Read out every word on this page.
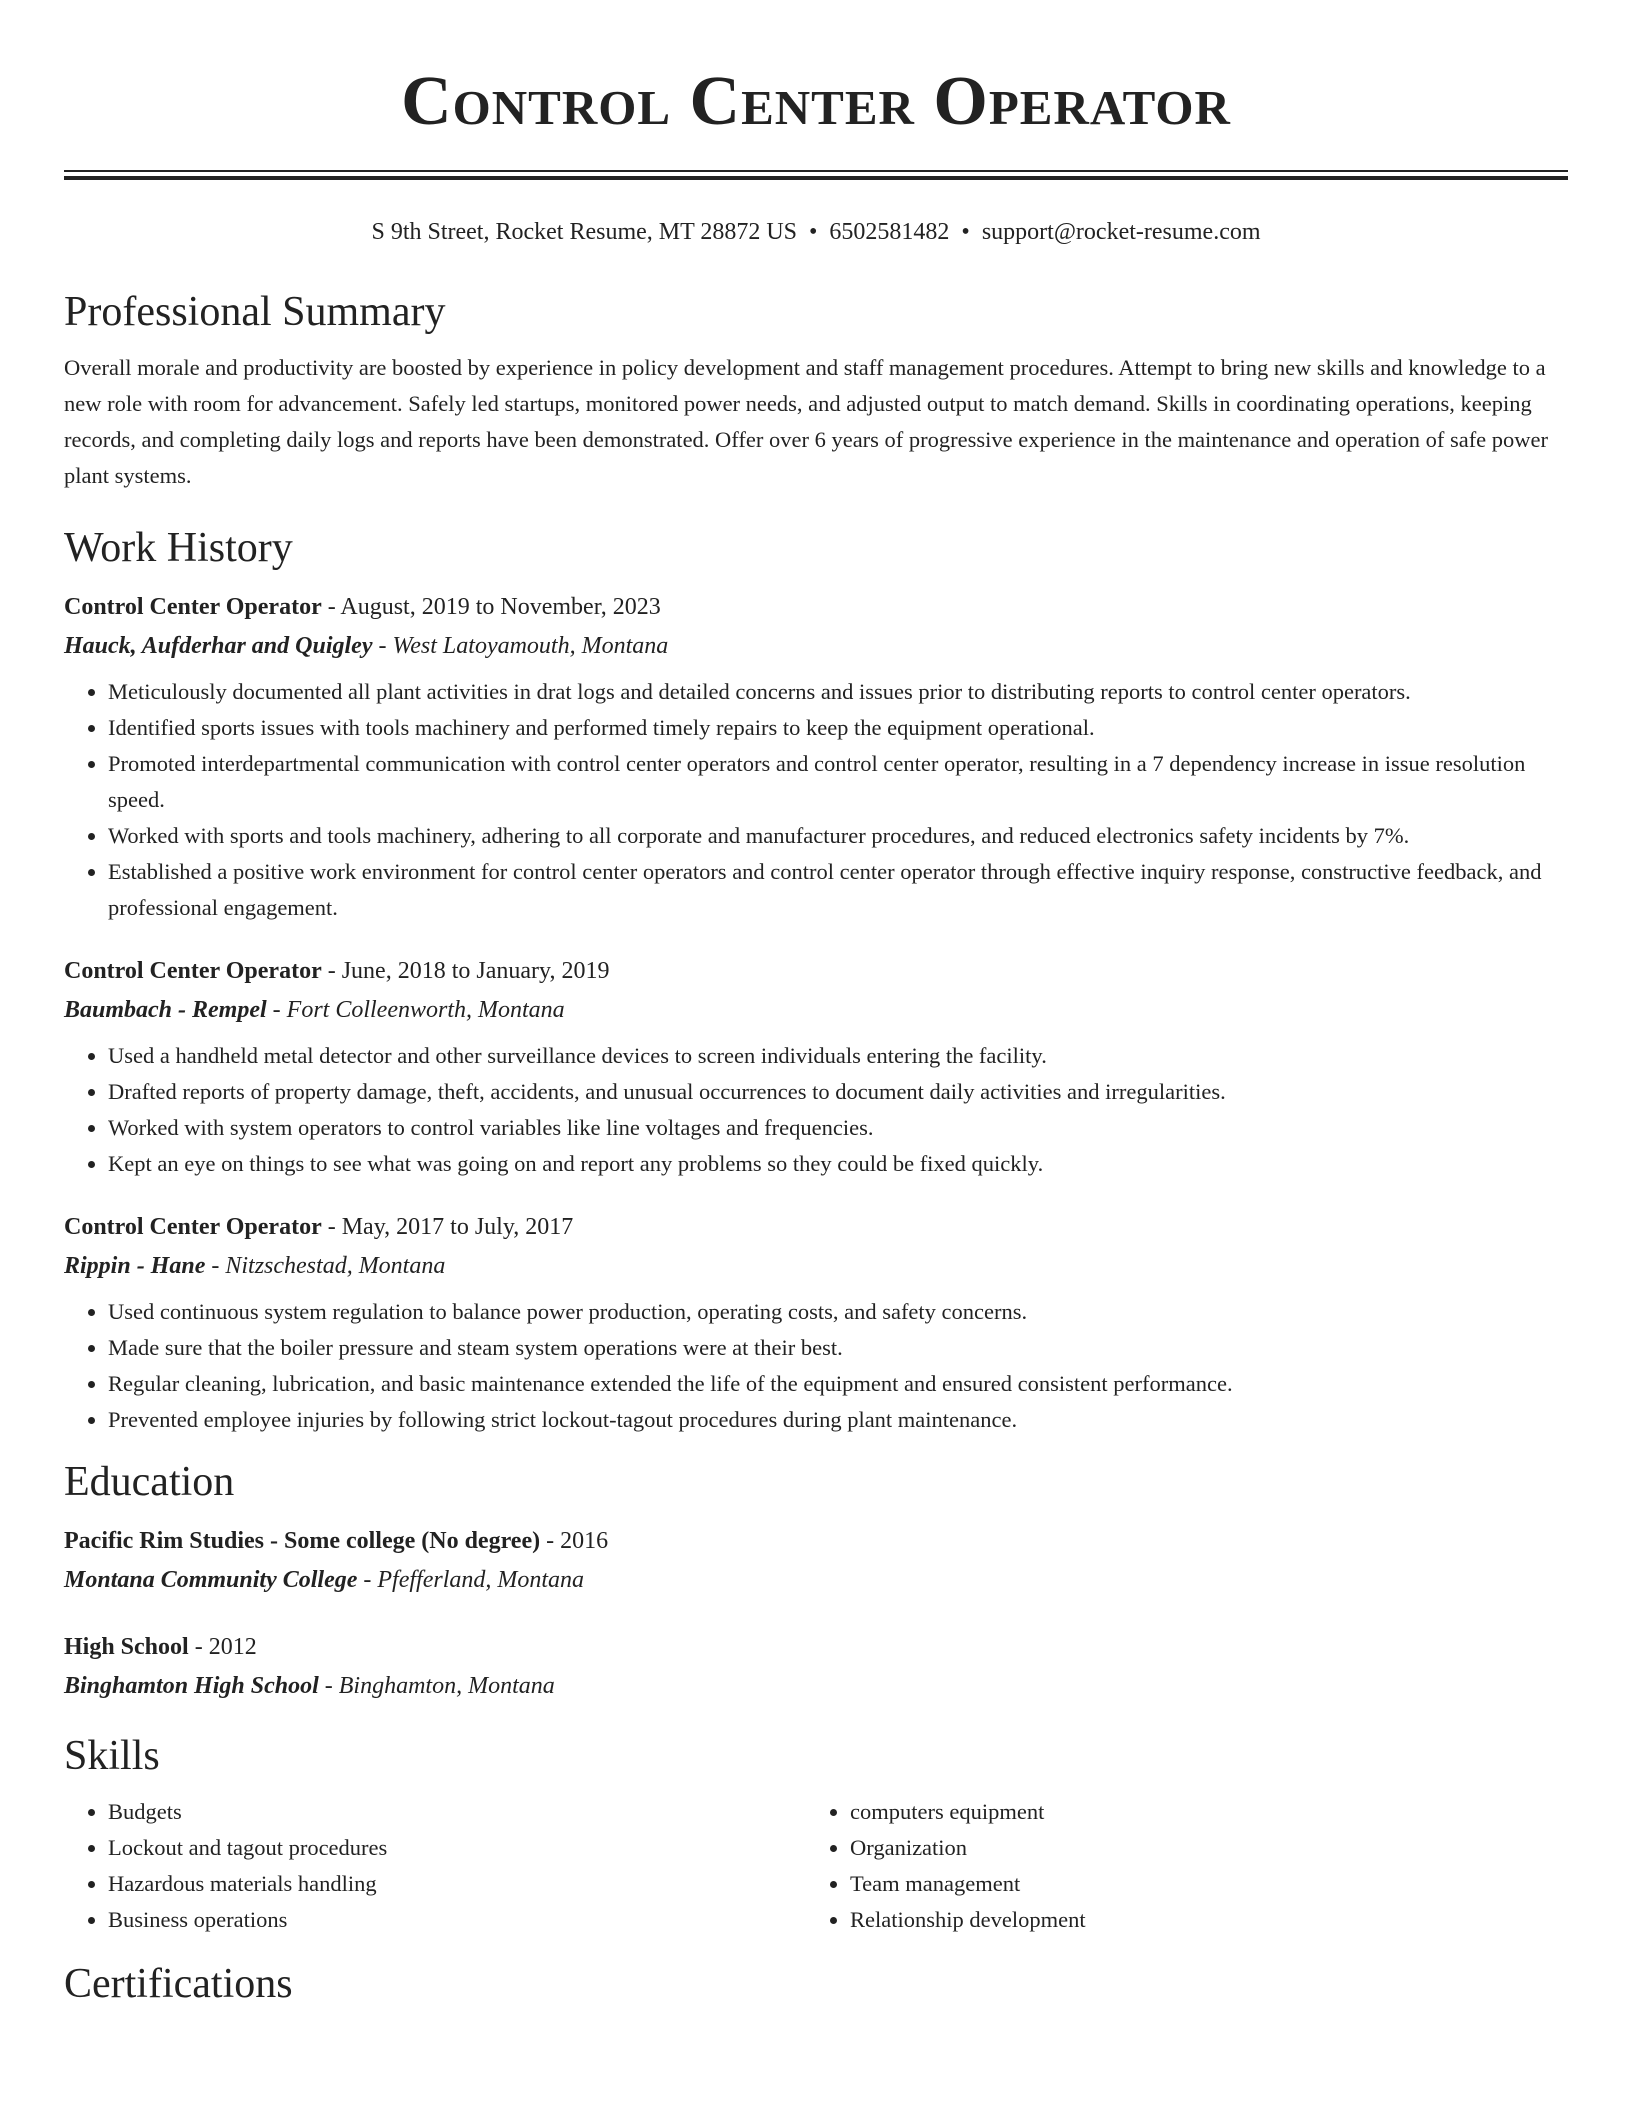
Control Center Operator
S 9th Street, Rocket Resume, MT 28872 US • 6502581482 • support@rocket-resume.com
Professional Summary

Overall morale and productivity are boosted by experience in policy development and staff management procedures. Attempt to bring new skills and knowledge to a new role with room for advancement. Safely led startups, monitored power needs, and adjusted output to match demand. Skills in coordinating operations, keeping records, and completing daily logs and reports have been demonstrated. Offer over 6 years of progressive experience in the maintenance and operation of safe power plant systems.

Work History
Control Center Operator - August, 2019 to November, 2023
Hauck, Aufderhar and Quigley - West Latoyamouth, Montana
• Meticulously documented all plant activities in drat logs and detailed concerns and issues prior to distributing reports to control center operators.
• Identified sports issues with tools machinery and performed timely repairs to keep the equipment operational.
• Promoted interdepartmental communication with control center operators and control center operator, resulting in a 7 dependency increase in issue resolution speed.
• Worked with sports and tools machinery, adhering to all corporate and manufacturer procedures, and reduced electronics safety incidents by 7%.
• Established a positive work environment for control center operators and control center operator through effective inquiry response, constructive feedback, and professional engagement.
Control Center Operator - June, 2018 to January, 2019
Baumbach - Rempel - Fort Colleenworth, Montana
• Used a handheld metal detector and other surveillance devices to screen individuals entering the facility.
• Drafted reports of property damage, theft, accidents, and unusual occurrences to document daily activities and irregularities.
• Worked with system operators to control variables like line voltages and frequencies.
• Kept an eye on things to see what was going on and report any problems so they could be fixed quickly.
Control Center Operator - May, 2017 to July, 2017
Rippin - Hane - Nitzschestad, Montana
• Used continuous system regulation to balance power production, operating costs, and safety concerns.
• Made sure that the boiler pressure and steam system operations were at their best.
• Regular cleaning, lubrication, and basic maintenance extended the life of the equipment and ensured consistent performance.
• Prevented employee injuries by following strict lockout-tagout procedures during plant maintenance.
Education
Pacific Rim Studies - Some college (No degree) - 2016
Montana Community College - Pfefferland, Montana
High School - 2012
Binghamton High School - Binghamton, Montana
Skills
• Budgets
• Lockout and tagout procedures
• Hazardous materials handling
• Business operations
• computers equipment
• Organization
• Team management
• Relationship development
Certifications
